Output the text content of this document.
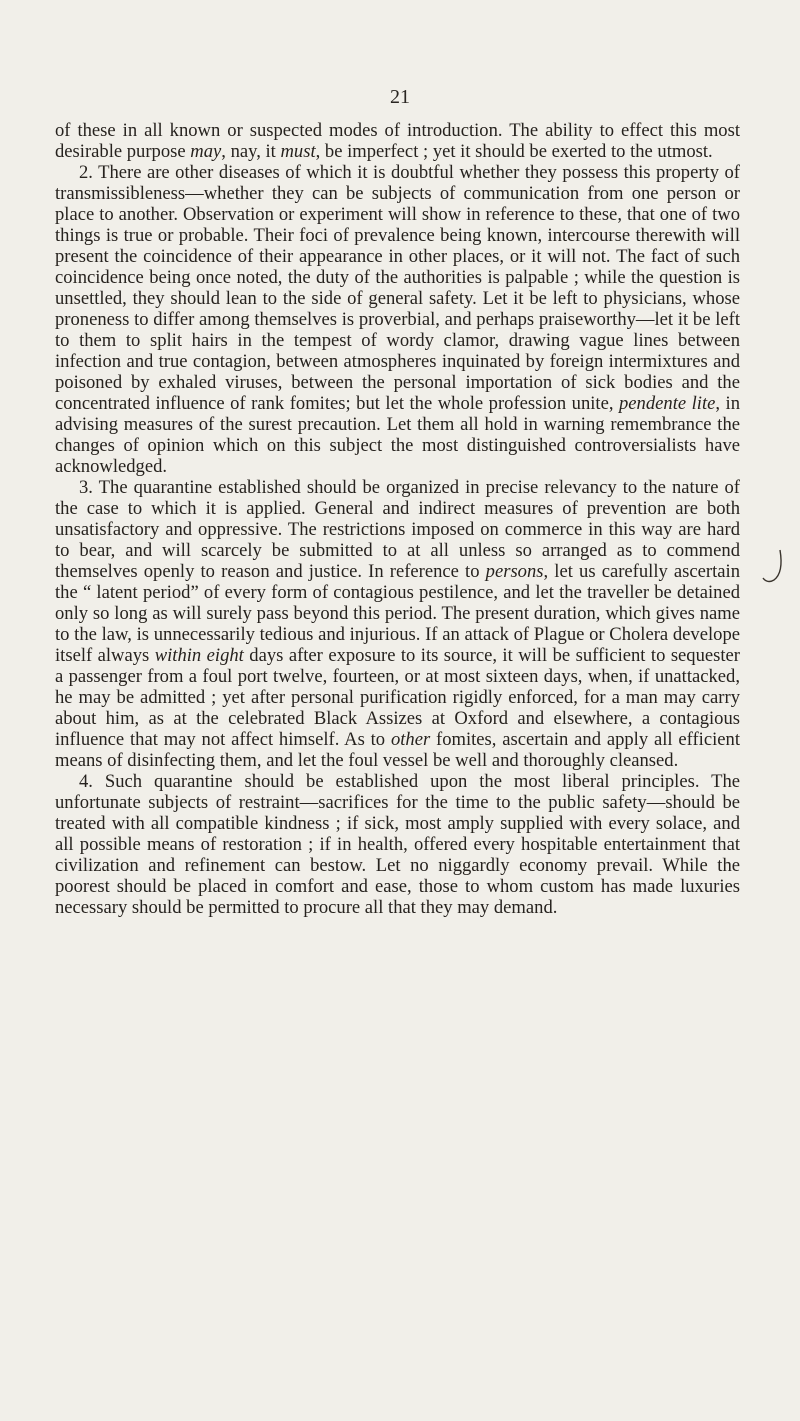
21

of these in all known or suspected modes of introduction. The ability to effect this most desirable purpose may, nay, it must, be imperfect ; yet it should be exerted to the utmost.

2. There are other diseases of which it is doubtful whether they possess this property of transmissibleness—whether they can be subjects of communication from one person or place to another. Observation or experiment will show in reference to these, that one of two things is true or probable. Their foci of prevalence being known, intercourse therewith will present the coincidence of their appearance in other places, or it will not. The fact of such coincidence being once noted, the duty of the authorities is palpable ; while the question is unsettled, they should lean to the side of general safety. Let it be left to physicians, whose proneness to differ among themselves is proverbial, and perhaps praiseworthy—let it be left to them to split hairs in the tempest of wordy clamor, drawing vague lines between infection and true contagion, between atmospheres inquinated by foreign intermixtures and poisoned by exhaled viruses, between the personal importation of sick bodies and the concentrated influence of rank fomites; but let the whole profession unite, pendente lite, in advising measures of the surest precaution. Let them all hold in warning remembrance the changes of opinion which on this subject the most distinguished controversialists have acknowledged.

3. The quarantine established should be organized in precise relevancy to the nature of the case to which it is applied. General and indirect measures of prevention are both unsatisfactory and oppressive. The restrictions imposed on commerce in this way are hard to bear, and will scarcely be submitted to at all unless so arranged as to commend themselves openly to reason and justice. In reference to persons, let us carefully ascertain the “ latent period” of every form of contagious pestilence, and let the traveller be detained only so long as will surely pass beyond this period. The present duration, which gives name to the law, is unnecessarily tedious and injurious. If an attack of Plague or Cholera develope itself always within eight days after exposure to its source, it will be sufficient to sequester a passenger from a foul port twelve, fourteen, or at most sixteen days, when, if unattacked, he may be admitted ; yet after personal purification rigidly enforced, for a man may carry about him, as at the celebrated Black Assizes at Oxford and elsewhere, a contagious influence that may not affect himself. As to other fomites, ascertain and apply all efficient means of disinfecting them, and let the foul vessel be well and thoroughly cleansed.

4. Such quarantine should be established upon the most liberal principles. The unfortunate subjects of restraint—sacrifices for the time to the public safety—should be treated with all compatible kindness ; if sick, most amply supplied with every solace, and all possible means of restoration ; if in health, offered every hospitable entertainment that civilization and refinement can bestow. Let no niggardly economy prevail. While the poorest should be placed in comfort and ease, those to whom custom has made luxuries necessary should be permitted to procure all that they may demand.
